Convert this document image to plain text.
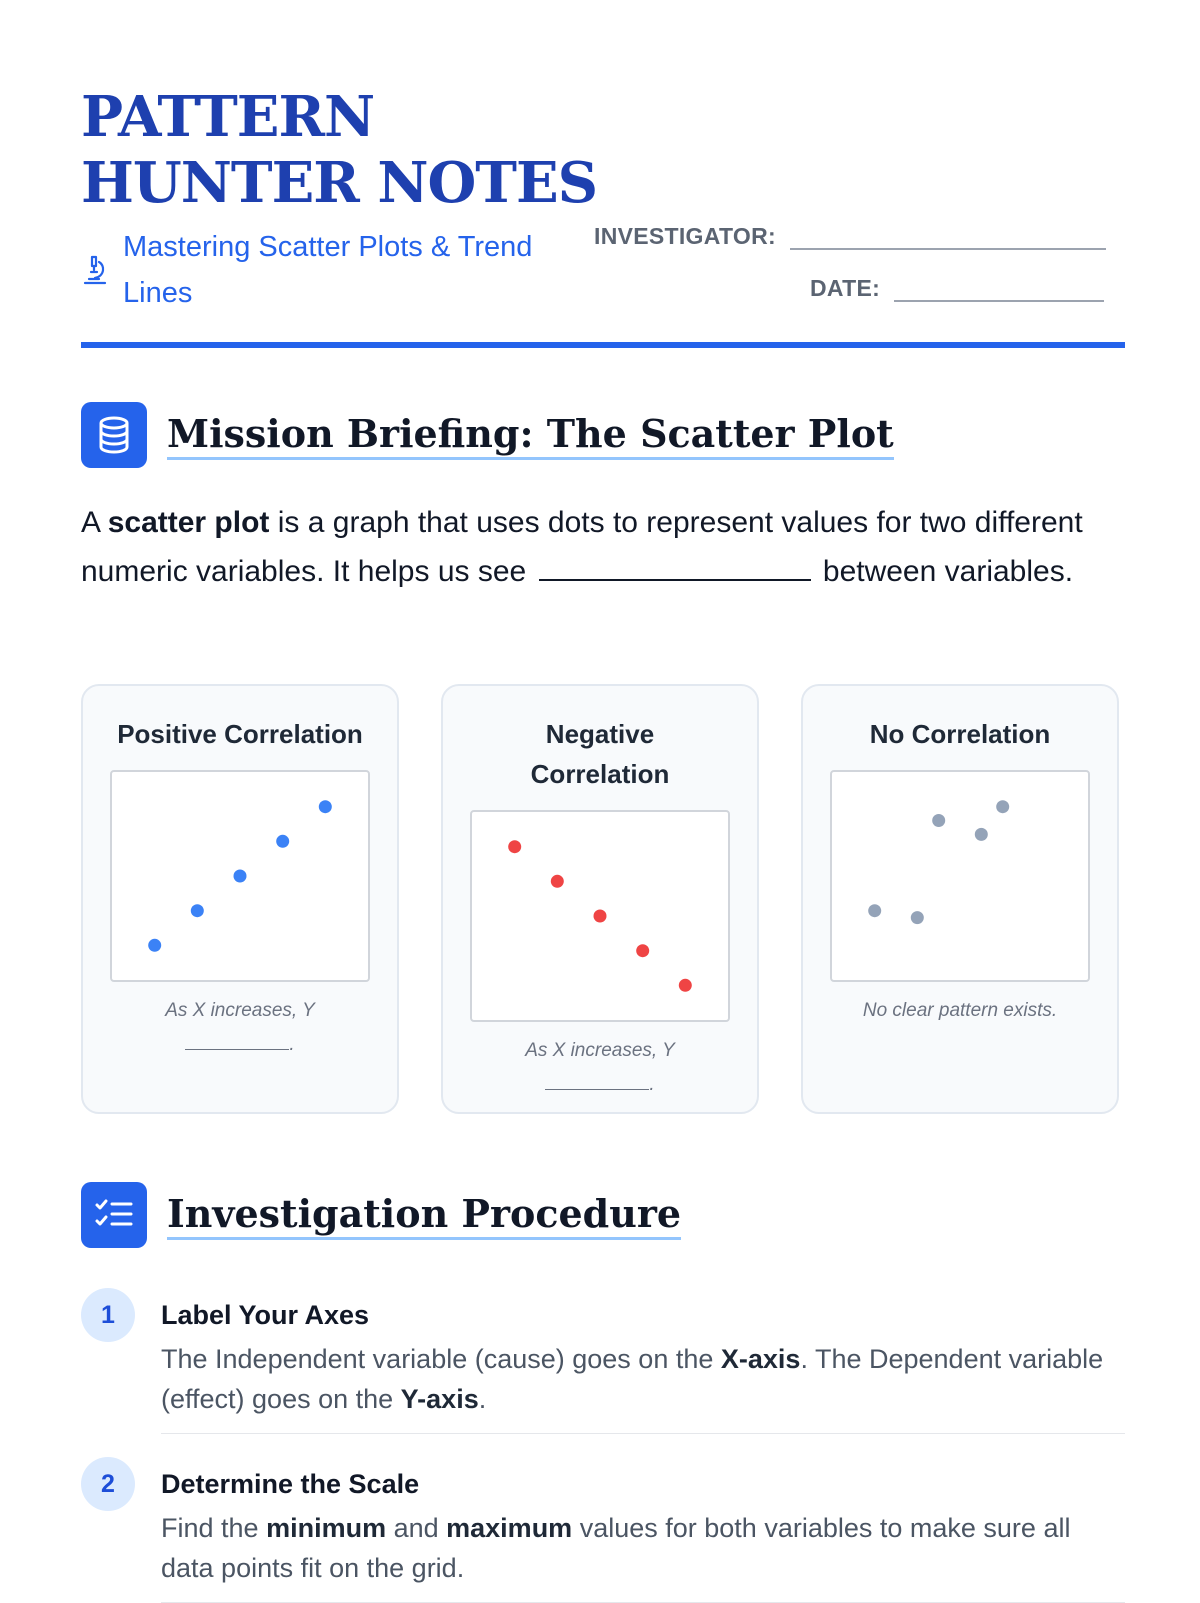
PATTERN
HUNTER NOTES
Mastering Scatter Plots & Trend Lines
INVESTIGATOR:
DATE:
Mission Briefing: The Scatter Plot

A scatter plot is a graph that uses dots to represent values for two different numeric variables. It helps us see	between variables.

Positive Correlation
As X increases, Y
.
Negative Correlation
As X increases, Y
.
No Correlation
No clear pattern exists.
Investigation Procedure
1	Label Your Axes
The Independent variable (cause) goes on the X-axis. The Dependent variable (effect) goes on the Y-axis.
2	Determine the Scale
Find the minimum and maximum values for both variables to make sure all data points fit on the grid.
